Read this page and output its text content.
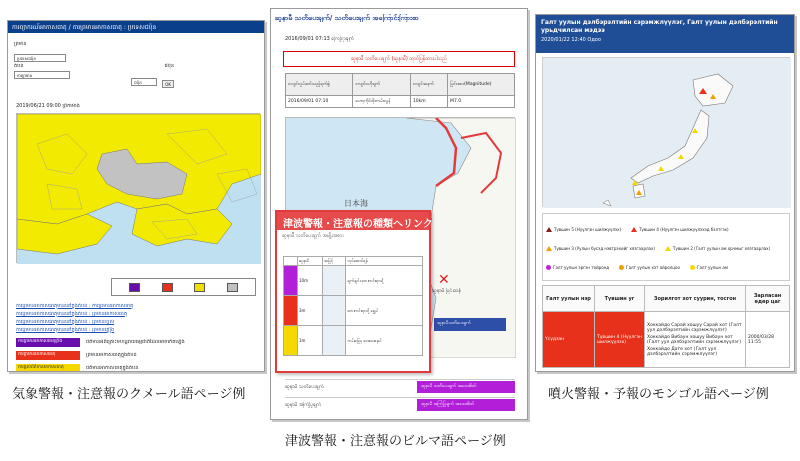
ការព្យាករណ៍អាកាសធាតុ / ការព្រមានអាកាសធាតុ : ប្រទេសជប៉ុន
ព្រមាន
ប្រទេសជប៉ុន
តំបន់	ជប៉ុន
ការព្រមាន
ជប៉ុន	OK
2019/06/21 09:00 ព្រឹកម៉ោង
ការព្រមានអាកាសធាតុមាននៅក្នុងតំបន់ : ការព្រមានអាកាសធាតុ
ការព្រមានអាកាសធាតុមាននៅក្នុងតំបន់ : ព្រមានអាកាសធាតុ
ការព្រមានអាកាសធាតុមាននៅក្នុងតំបន់ : ព្រមានខ្យល់
ការព្រមានអាកាសធាតុមាននៅក្នុងតំបន់ : ព្រមានភ្លៀង
ការព្រមានអាកាសធាតុខ្លាំង	ព័ត៌មានអំពីគ្រោះមហន្តរាយធម្មជាតិដែលអាចកើតឡើង
ការព្រមានអាកាសធាតុ	ព្រមានអាកាសធាតុក្នុងតំបន់
ការផ្តល់ព័ត៌មានអាកាសធាតុ	ព័ត៌មានអាកាសធាតុក្នុងតំបន់
ဆူနာမီ သတိပေးချက်/ သတိပေးချက် အကြောင်းကြားစာ
2016/09/01 07:13 ကြေငြာချက်
ဆူနာမီ သတိပေးချက် (ဆူနာမီ) ထုတ်ပြန်ထားပါသည်
ငလျင်လှုပ်ခတ်သည့်ရက်စွဲ	ငလျင်ဗဟိုချက်	ငလျင်အနက်	ပြင်းအား(Magnitude)
2016/09/01 07:10	ဟော့ကိုင်းဒိုးကမ်းလွန်	10km	M7.0
日本海
ဆူနာမီသတိပေးချက်
ဆူနာမီ သတိပေးချက်	ဆူနာမီ သတိပေးချက် အသေးစိတ်
ဆူနာမီ အကြံပြုချက်	ဆူနာမီ အကြံပြုချက် အသေးစိတ်
津波警報・注意報の種類へリンク
ဆူနာမီ သတိပေးချက် အမျိုးအစား
	ဆူနာမီ	အမြင့်	လုပ်ဆောင်ရန်
	10m		ချက်ချင်း ဘေးကင်းရာသို့
	3m		ဘေးကင်းရာသို့ ရွှေ့ပါ
	1m		ကမ်းခြေမှ ဝေးဝေးနေပါ
✕
ဆူနာမီ ပြင်းထန်
Галт уулын дэлбэрэлтийн сэрэмжлүүлэг, Галт уулын дэлбэрэлтийн урьдчилсан мэдээ
2020/01/22 12:40 Одоо
Түвшин 5 (Нүүлгэн шилжүүлэх)
	Түвшин 4 (Нүүлгэн шилжүүлэхэд бэлтгэх)

Түвшин 3 (Уулын бүсэд нэвтрэхийг хязгаарлах)
	Түвшин 2 (Галт уулын ам орчмыг хязгаарлах)

Галт уулын эргэн тойронд
	Галт уулын хэт ойролцоо
	Галт уулын ам
Галт уулын нэр	Түвшин уг	Зорилгот хот суурин, тосгон	Зарласан өдөр цаг
Үсүдзан	Түвшин 4 (Нүүлгэн шилжүүлэх)	Хоккайдо Сарай хошуу Сарай хот (Галт уул дэлбэрэлтийн сэрэмжлүүлэг)
Хоккайдо Вибаун хошуу Вибаун хот (Галт уул дэлбэрэлтийн сэрэмжлүүлэг)
Хоккайдо Дате хот (Галт уул дэлбэрэлтийн сэрэмжлүүлэг)	2000/03/28 11:55
気象警報・注意報のクメール語ページ例
津波警報・注意報のビルマ語ページ例
噴火警報・予報のモンゴル語ページ例
